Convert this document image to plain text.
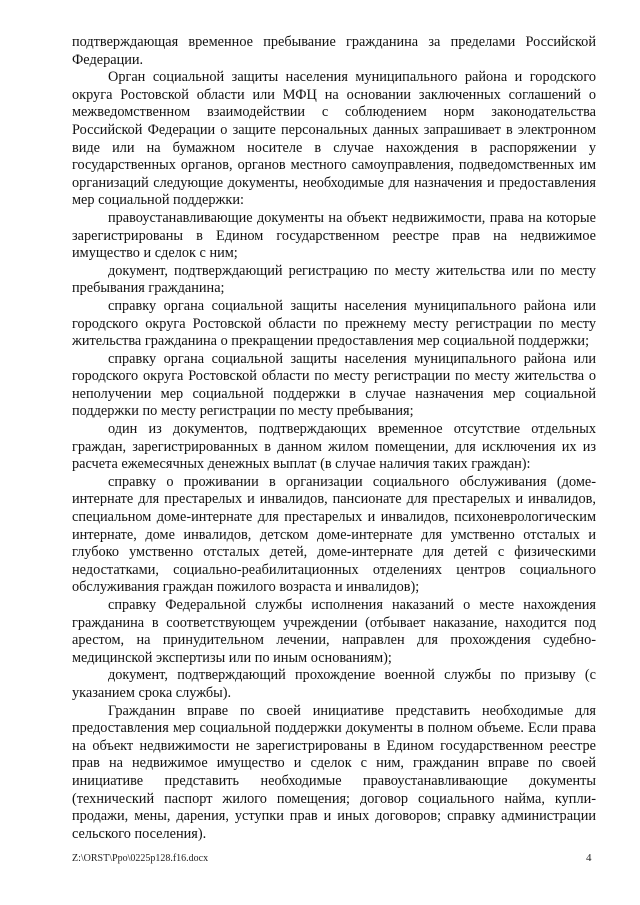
подтверждающая временное пребывание гражданина за пределами Российской Федерации.

Орган социальной защиты населения муниципального района и городского округа Ростовской области или МФЦ на основании заключенных соглашений о межведомственном взаимодействии с соблюдением норм законодательства Российской Федерации о защите персональных данных запрашивает в электронном виде или на бумажном носителе в случае нахождения в распоряжении у государственных органов, органов местного самоуправления, подведомственных им организаций следующие документы, необходимые для назначения и предоставления мер социальной поддержки:

правоустанавливающие документы на объект недвижимости, права на которые зарегистрированы в Едином государственном реестре прав на недвижимое имущество и сделок с ним;

документ, подтверждающий регистрацию по месту жительства или по месту пребывания гражданина;

справку органа социальной защиты населения муниципального района или городского округа Ростовской области по прежнему месту регистрации по месту жительства гражданина о прекращении предоставления мер социальной поддержки;

справку органа социальной защиты населения муниципального района или городского округа Ростовской области по месту регистрации по месту жительства о неполучении мер социальной поддержки в случае назначения мер социальной поддержки по месту регистрации по месту пребывания;

один из документов, подтверждающих временное отсутствие отдельных граждан, зарегистрированных в данном жилом помещении, для исключения их из расчета ежемесячных денежных выплат (в случае наличия таких граждан):

справку о проживании в организации социального обслуживания (доме-интернате для престарелых и инвалидов, пансионате для престарелых и инвалидов, специальном доме-интернате для престарелых и инвалидов, психоневрологическим интернате, доме инвалидов, детском доме-интернате для умственно отсталых и глубоко умственно отсталых детей, доме-интернате для детей с физическими недостатками, социально-реабилитационных отделениях центров социального обслуживания граждан пожилого возраста и инвалидов);

справку Федеральной службы исполнения наказаний о месте нахождения гражданина в соответствующем учреждении (отбывает наказание, находится под арестом, на принудительном лечении, направлен для прохождения судебно-медицинской экспертизы или по иным основаниям);

документ, подтверждающий прохождение военной службы по призыву (с указанием срока службы).

Гражданин вправе по своей инициативе представить необходимые для предоставления мер социальной поддержки документы в полном объеме. Если права на объект недвижимости не зарегистрированы в Едином государственном реестре прав на недвижимое имущество и сделок с ним, гражданин вправе по своей инициативе представить необходимые правоустанавливающие документы (технический паспорт жилого помещения; договор социального найма, купли-продажи, мены, дарения, уступки прав и иных договоров; справку администрации сельского поселения).

Z:\ORST\Ppo\0225p128.f16.docx	4
